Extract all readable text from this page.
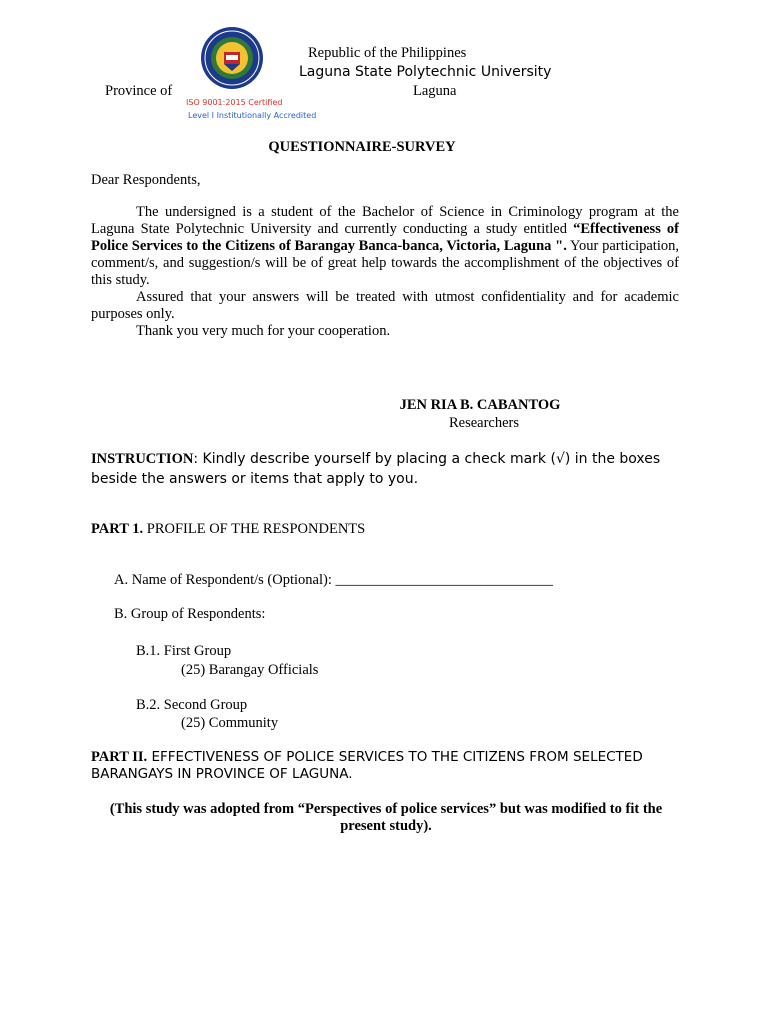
ISO 9001:2015 Certified
Level I Institutionally Accredited
Republic of the Philippines
Laguna State Polytechnic University
Province of	Laguna
QUESTIONNAIRE-SURVEY
Dear Respondents,

The undersigned is a student of the Bachelor of Science in Criminology program at the Laguna State Polytechnic University and currently conducting a study entitled “Effectiveness of Police Services to the Citizens of Barangay Banca-banca, Victoria, Laguna ". Your participation, comment/s, and suggestion/s will be of great help towards the accomplishment of the objectives of this study.

Assured that your answers will be treated with utmost confidentiality and for academic purposes only.

Thank you very much for your cooperation.

JEN RIA B. CABANTOG
Researchers
INSTRUCTION: Kindly describe yourself by placing a check mark (√) in the boxes beside the answers or items that apply to you.
PART 1. PROFILE OF THE RESPONDENTS
A. Name of Respondent/s (Optional): ______________________________
B. Group of Respondents:
B.1. First Group
(25) Barangay Officials
B.2. Second Group
(25) Community
PART II. EFFECTIVENESS OF POLICE SERVICES TO THE CITIZENS FROM SELECTED BARANGAYS IN PROVINCE OF LAGUNA.
(This study was adopted from “Perspectives of police services” but was modified to fit the present study).
